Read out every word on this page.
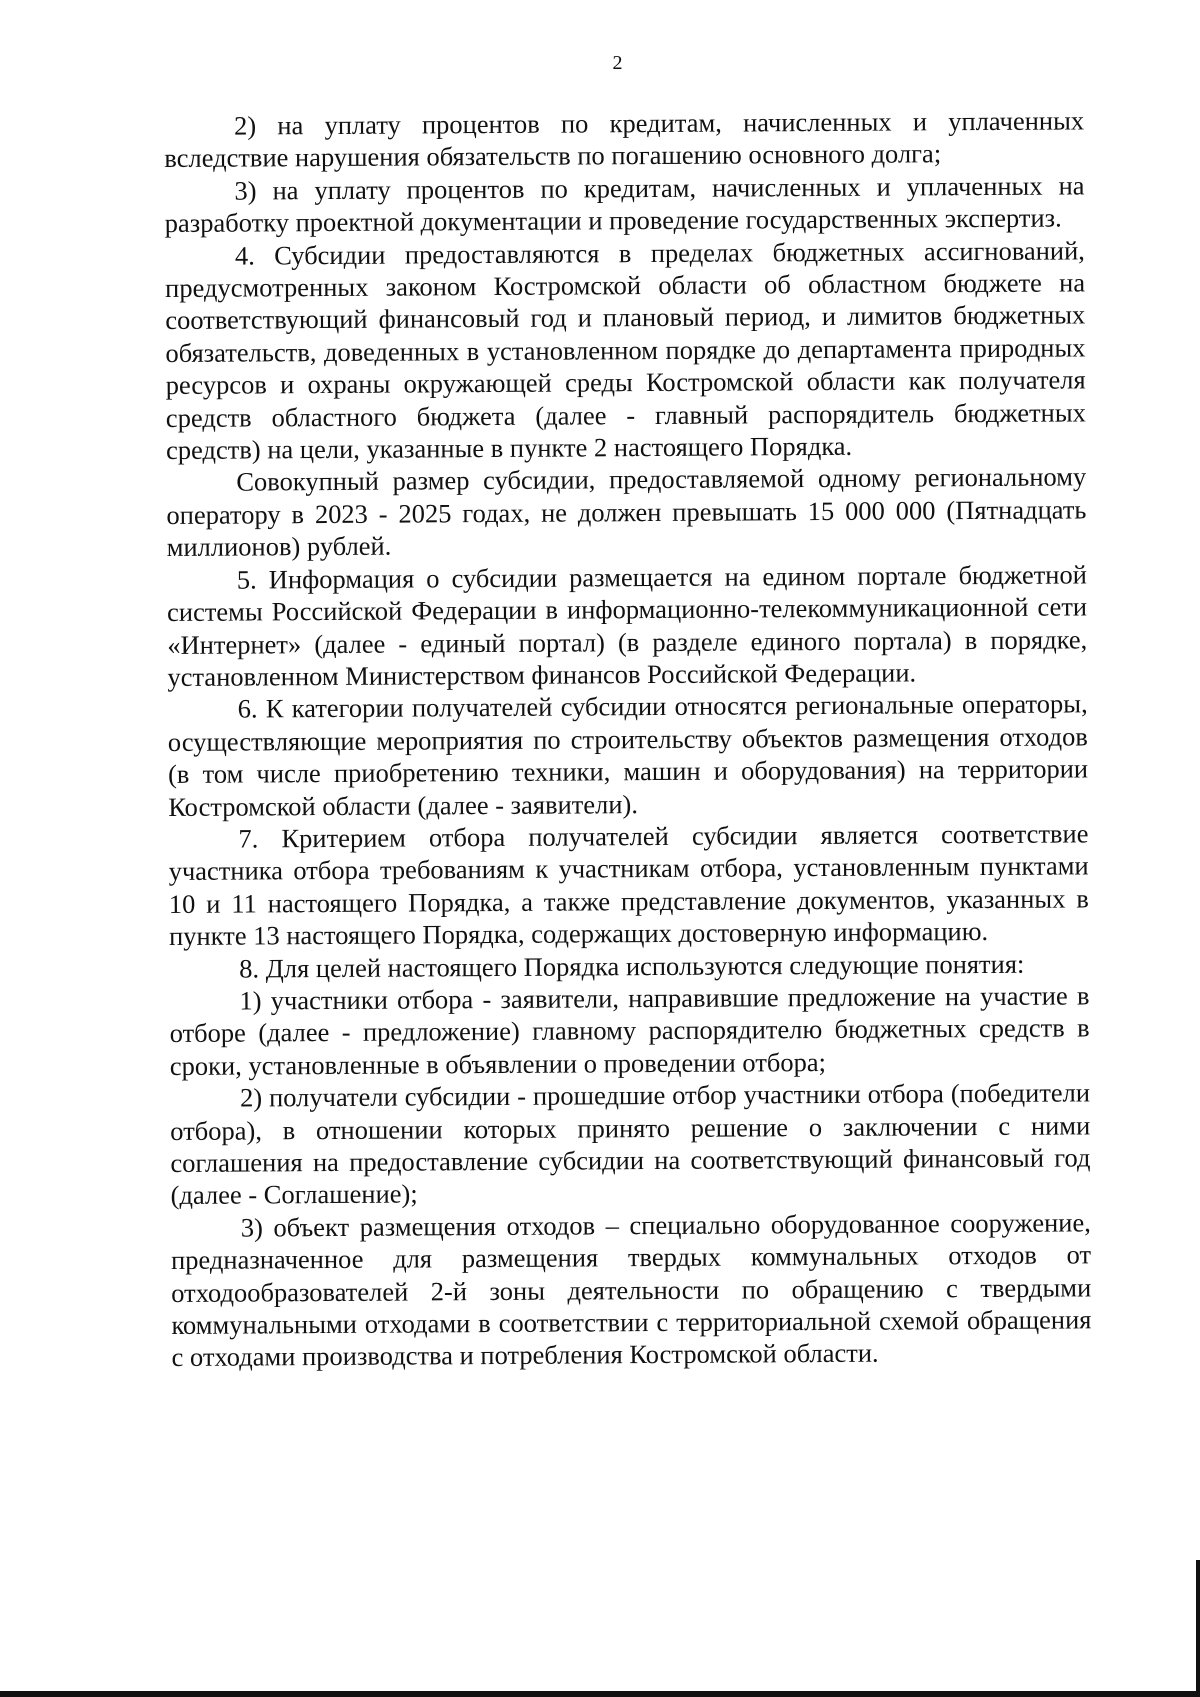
2

2) на уплату процентов по кредитам, начисленных и уплаченных вследствие нарушения обязательств по погашению основного долга;

3) на уплату процентов по кредитам, начисленных и уплаченных на разработку проектной документации и проведение государственных экспертиз.

4. Субсидии предоставляются в пределах бюджетных ассигнований, предусмотренных законом Костромской области об областном бюджете на соответствующий финансовый год и плановый период, и лимитов бюджетных обязательств, доведенных в установленном порядке до департамента природных ресурсов и охраны окружающей среды Костромской области как получателя средств областного бюджета (далее - главный распорядитель бюджетных средств) на цели, указанные в пункте 2 настоящего Порядка.

Совокупный размер субсидии, предоставляемой одному региональному оператору в 2023 - 2025 годах, не должен превышать 15 000 000 (Пятнадцать миллионов) рублей.

5. Информация о субсидии размещается на едином портале бюджетной системы Российской Федерации в информационно-телекоммуникационной сети «Интернет» (далее - единый портал) (в разделе единого портала) в порядке, установленном Министерством финансов Российской Федерации.

6. К категории получателей субсидии относятся региональные операторы, осуществляющие мероприятия по строительству объектов размещения отходов (в том числе приобретению техники, машин и оборудования) на территории Костромской области (далее - заявители).

7. Критерием отбора получателей субсидии является соответствие участника отбора требованиям к участникам отбора, установленным пунктами 10 и 11 настоящего Порядка, а также представление документов, указанных в пункте 13 настоящего Порядка, содержащих достоверную информацию.

8. Для целей настоящего Порядка используются следующие понятия:

1) участники отбора - заявители, направившие предложение на участие в отборе (далее - предложение) главному распорядителю бюджетных средств в сроки, установленные в объявлении о проведении отбора;

2) получатели субсидии - прошедшие отбор участники отбора (победители отбора), в отношении которых принято решение о заключении с ними соглашения на предоставление субсидии на соответствующий финансовый год (далее - Соглашение);

3) объект размещения отходов – специально оборудованное сооружение, предназначенное для размещения твердых коммунальных отходов от отходообразователей 2-й зоны деятельности по обращению с твердыми коммунальными отходами в соответствии с территориальной схемой обращения с отходами производства и потребления Костромской области.
